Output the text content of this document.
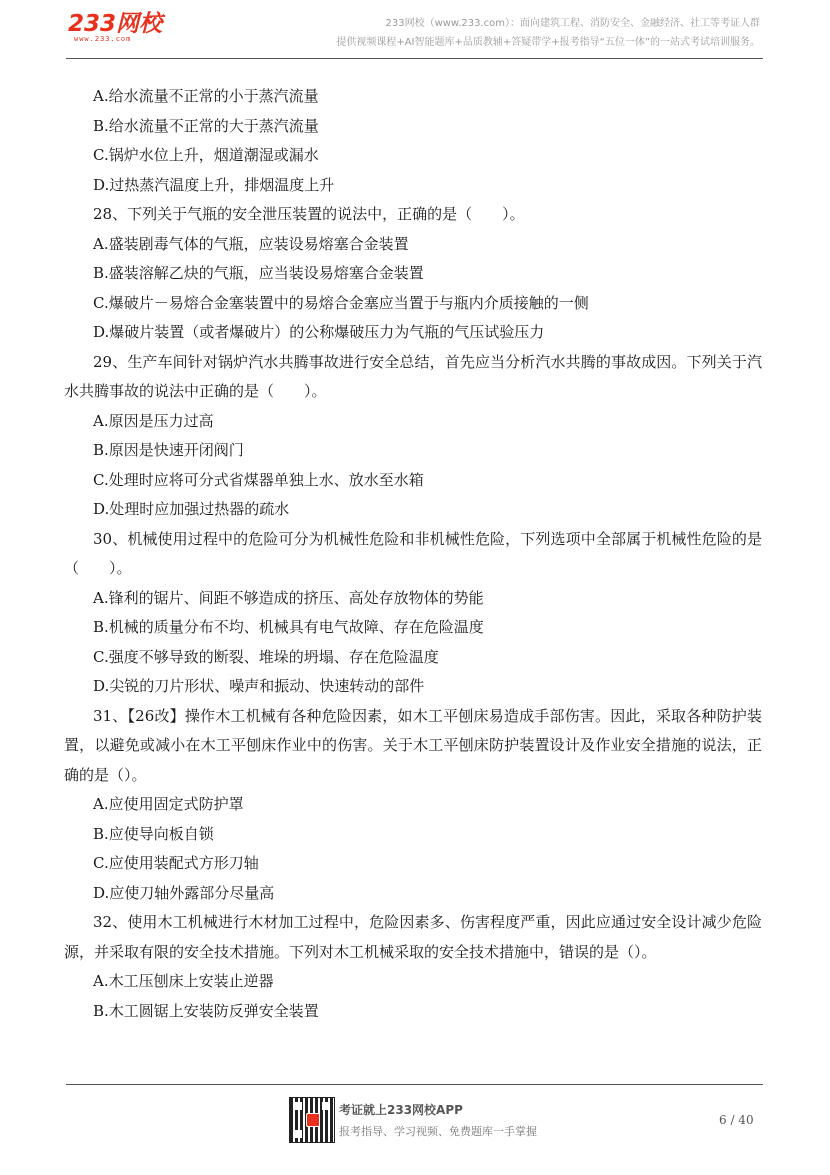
233网校
www.233.com
233网校（www.233.com）：面向建筑工程、消防安全、金融经济、社工等考证人群
提供视频课程+AI智能题库+品质教辅+答疑带学+报考指导“五位一体”的一站式考试培训服务。
A.给水流量不正常的小于蒸汽流量
B.给水流量不正常的大于蒸汽流量
C.锅炉水位上升，烟道潮湿或漏水
D.过热蒸汽温度上升，排烟温度上升
28、下列关于气瓶的安全泄压装置的说法中，正确的是（　　）。
A.盛装剧毒气体的气瓶，应装设易熔塞合金装置
B.盛装溶解乙炔的气瓶，应当装设易熔塞合金装置
C.爆破片－易熔合金塞装置中的易熔合金塞应当置于与瓶内介质接触的一侧
D.爆破片装置（或者爆破片）的公称爆破压力为气瓶的气压试验压力
29、生产车间针对锅炉汽水共腾事故进行安全总结，首先应当分析汽水共腾的事故成因。下列关于汽水共腾事故的说法中正确的是（　　）。
A.原因是压力过高
B.原因是快速开闭阀门
C.处理时应将可分式省煤器单独上水、放水至水箱
D.处理时应加强过热器的疏水
30、机械使用过程中的危险可分为机械性危险和非机械性危险，下列选项中全部属于机械性危险的是（　　）。
A.锋利的锯片、间距不够造成的挤压、高处存放物体的势能
B.机械的质量分布不均、机械具有电气故障、存在危险温度
C.强度不够导致的断裂、堆垛的坍塌、存在危险温度
D.尖锐的刀片形状、噪声和振动、快速转动的部件
31、【26改】操作木工机械有各种危险因素，如木工平刨床易造成手部伤害。因此，采取各种防护装置，以避免或减小在木工平刨床作业中的伤害。关于木工平刨床防护装置设计及作业安全措施的说法，正确的是（）。
A.应使用固定式防护罩
B.应使导向板自锁
C.应使用装配式方形刀轴
D.应使刀轴外露部分尽量高
32、使用木工机械进行木材加工过程中，危险因素多、伤害程度严重，因此应通过安全设计减少危险源，并采取有限的安全技术措施。下列对木工机械采取的安全技术措施中，错误的是（）。
A.木工压刨床上安装止逆器
B.木工圆锯上安装防反弹安全装置
考证就上233网校APP
报考指导、学习视频、免费题库一手掌握
6 / 40
